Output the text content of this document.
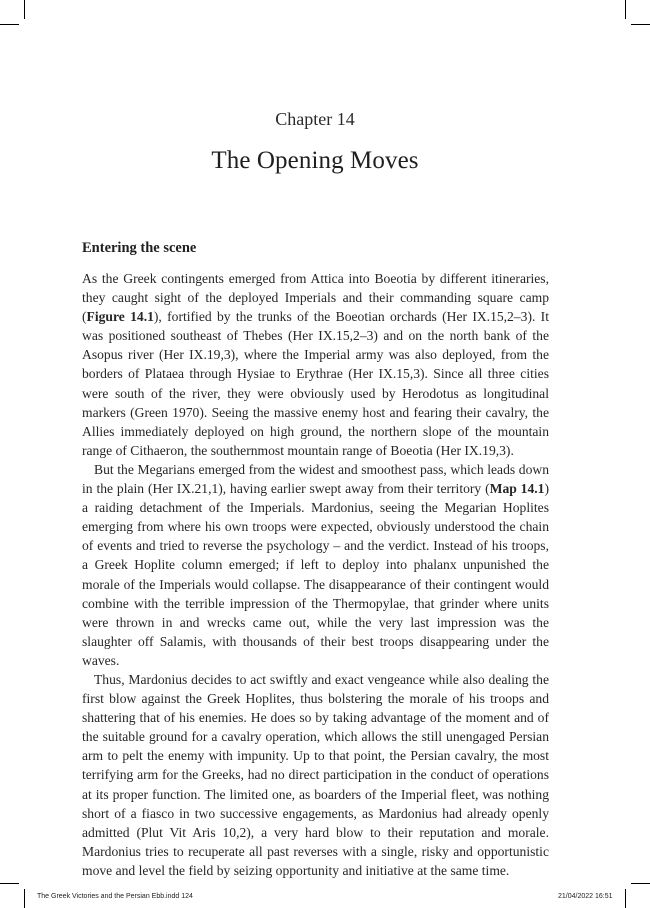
Chapter 14
The Opening Moves
Entering the scene

As the Greek contingents emerged from Attica into Boeotia by different itineraries, they caught sight of the deployed Imperials and their commanding square camp (Figure 14.1), fortified by the trunks of the Boeotian orchards (Her IX.15,2–3). It was positioned southeast of Thebes (Her IX.15,2–3) and on the north bank of the Asopus river (Her IX.19,3), where the Imperial army was also deployed, from the borders of Plataea through Hysiae to Erythrae (Her IX.15,3). Since all three cities were south of the river, they were obviously used by Herodotus as longitudinal markers (Green 1970). Seeing the massive enemy host and fearing their cavalry, the Allies immediately deployed on high ground, the northern slope of the mountain range of Cithaeron, the southernmost mountain range of Boeotia (Her IX.19,3).

But the Megarians emerged from the widest and smoothest pass, which leads down in the plain (Her IX.21,1), having earlier swept away from their territory (Map 14.1) a raiding detachment of the Imperials. Mardonius, seeing the Megarian Hoplites emerging from where his own troops were expected, obviously understood the chain of events and tried to reverse the psychology – and the verdict. Instead of his troops, a Greek Hoplite column emerged; if left to deploy into phalanx unpunished the morale of the Imperials would collapse. The disappearance of their contingent would combine with the terrible impression of the Thermopylae, that grinder where units were thrown in and wrecks came out, while the very last impression was the slaughter off Salamis, with thousands of their best troops disappearing under the waves.

Thus, Mardonius decides to act swiftly and exact vengeance while also dealing the first blow against the Greek Hoplites, thus bolstering the morale of his troops and shattering that of his enemies. He does so by taking advantage of the moment and of the suitable ground for a cavalry operation, which allows the still unengaged Persian arm to pelt the enemy with impunity. Up to that point, the Persian cavalry, the most terrifying arm for the Greeks, had no direct participation in the conduct of operations at its proper function. The limited one, as boarders of the Imperial fleet, was nothing short of a fiasco in two successive engagements, as Mardonius had already openly admitted (Plut Vit Aris 10,2), a very hard blow to their reputation and morale. Mardonius tries to recuperate all past reverses with a single, risky and opportunistic move and level the field by seizing opportunity and initiative at the same time.

The Greek Victories and the Persian Ebb.indd 124	21/04/2022 16:51
